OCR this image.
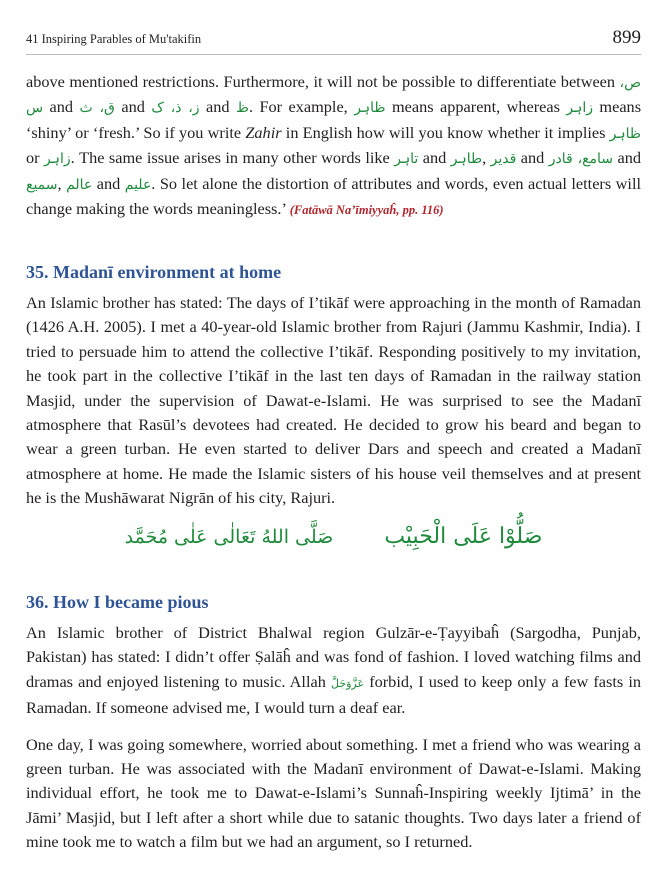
41 Inspiring Parables of Mu'takifin	899

above mentioned restrictions. Furthermore, it will not be possible to differentiate between ص، س and ق، ث and ز، ذ، ک and ظ. For example, ظاہر means apparent, whereas زاہر means ‘shiny’ or ‘fresh.’ So if you write Zahir in English how will you know whether it implies ظاہر or زاہر. The same issue arises in many other words like تاہر and طاہر, قدیر and سامع، قادر and سمیع, عالم and علیم. So let alone the distortion of attributes and words, even actual letters will change making the words meaningless.’ (Fatāwā Na’īmiyyaĥ, pp. 116)

35. Madanī environment at home

An Islamic brother has stated: The days of I’tikāf were approaching in the month of Ramadan (1426 A.H. 2005). I met a 40-year-old Islamic brother from Rajuri (Jammu Kashmir, India). I tried to persuade him to attend the collective I’tikāf. Responding positively to my invitation, he took part in the collective I’tikāf in the last ten days of Ramadan in the railway station Masjid, under the supervision of Dawat-e-Islami. He was surprised to see the Madanī atmosphere that Rasūl’s devotees had created. He decided to grow his beard and began to wear a green turban. He even started to deliver Dars and speech and created a Madanī atmosphere at home. He made the Islamic sisters of his house veil themselves and at present he is the Mushāwarat Nigrān of his city, Rajuri.

صَلَّى اللهُ تَعَالٰى عَلٰى مُحَمَّد صَلُّوْا عَلَى الْحَبِیْب
36. How I became pious

An Islamic brother of District Bhalwal region Gulzār-e-Ṭayyibaĥ (Sargodha, Punjab, Pakistan) has stated: I didn’t offer Ṣalāĥ and was fond of fashion. I loved watching films and dramas and enjoyed listening to music. Allah عَزَّوَجَلَّ forbid, I used to keep only a few fasts in Ramadan. If someone advised me, I would turn a deaf ear.

One day, I was going somewhere, worried about something. I met a friend who was wearing a green turban. He was associated with the Madanī environment of Dawat-e-Islami. Making individual effort, he took me to Dawat-e-Islami’s Sunnaĥ-Inspiring weekly Ijtimā’ in the Jāmi’ Masjid, but I left after a short while due to satanic thoughts. Two days later a friend of mine took me to watch a film but we had an argument, so I returned.
